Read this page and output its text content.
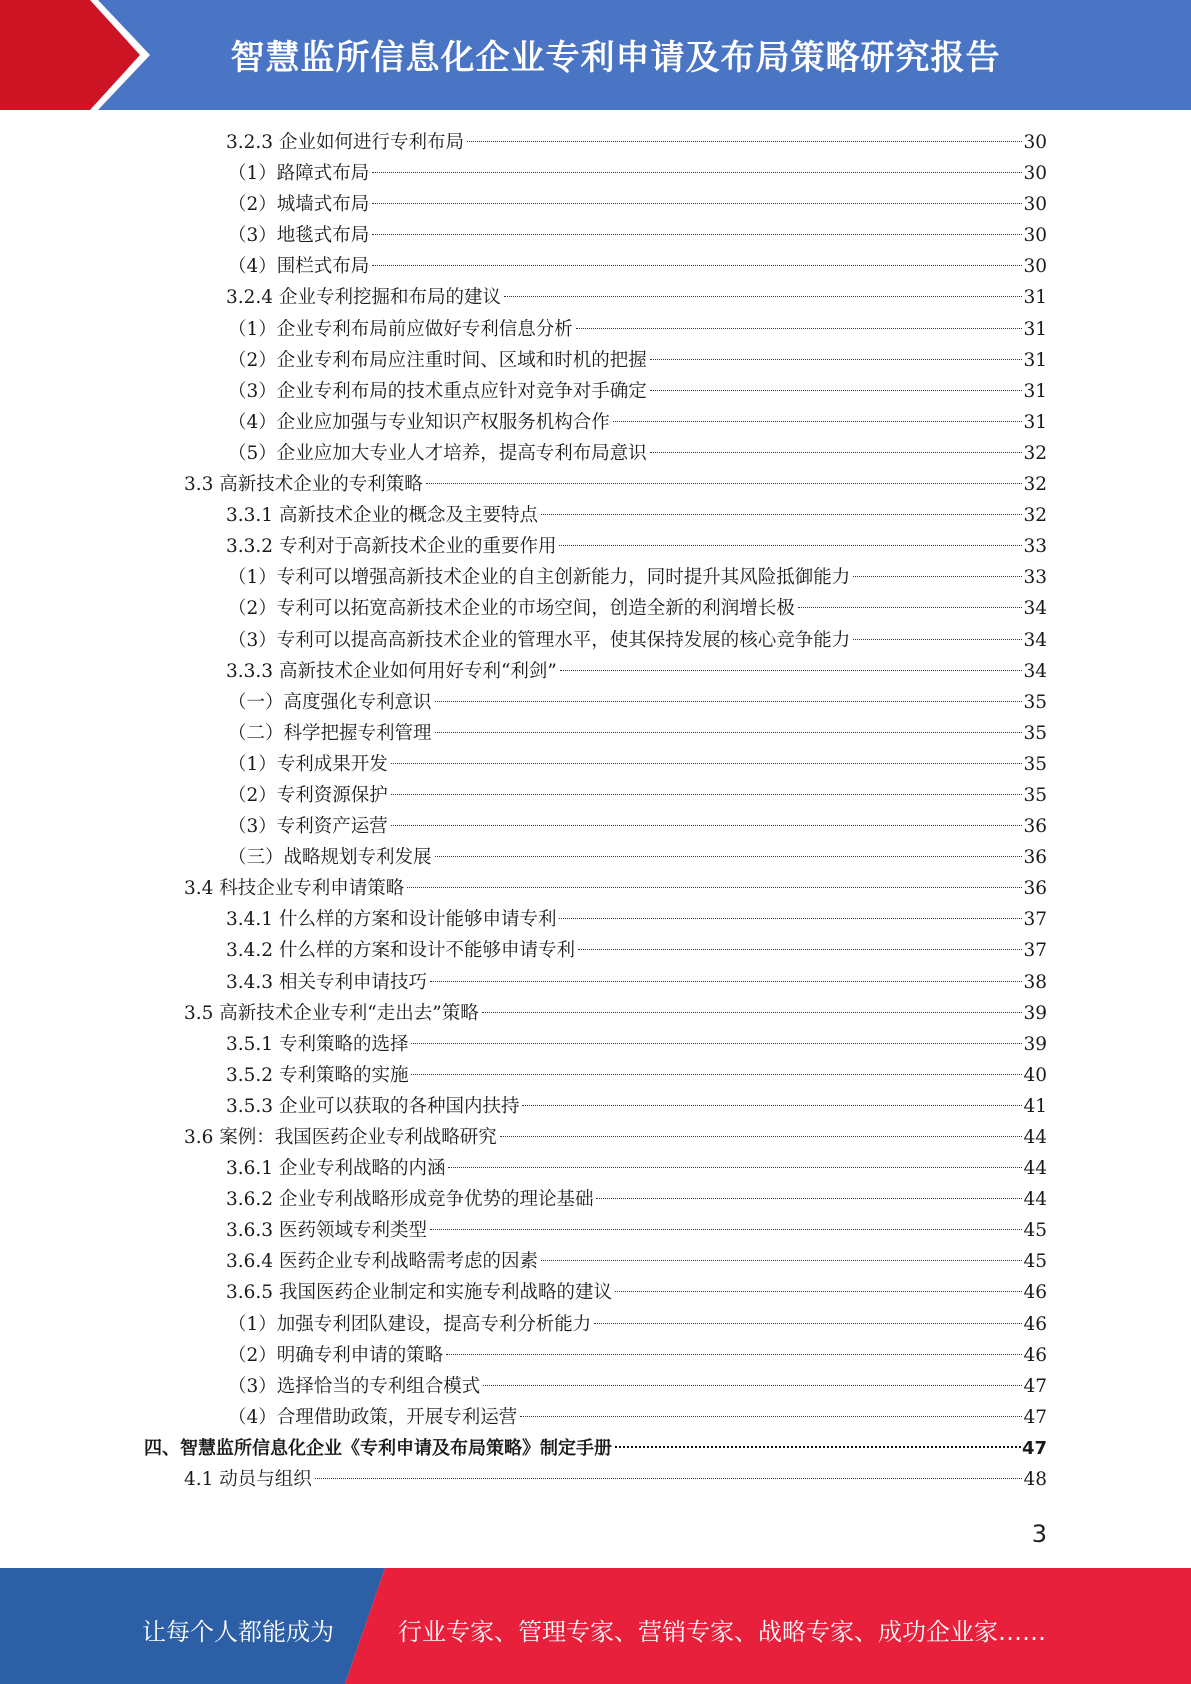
智慧监所信息化企业专利申请及布局策略研究报告
3.2.3 企业如何进行专利布局	30
（1）路障式布局	30
（2）城墙式布局	30
（3）地毯式布局	30
（4）围栏式布局	30
3.2.4 企业专利挖掘和布局的建议	31
（1）企业专利布局前应做好专利信息分析	31
（2）企业专利布局应注重时间、区域和时机的把握	31
（3）企业专利布局的技术重点应针对竞争对手确定	31
（4）企业应加强与专业知识产权服务机构合作	31
（5）企业应加大专业人才培养，提高专利布局意识	32
3.3 高新技术企业的专利策略	32
3.3.1 高新技术企业的概念及主要特点	32
3.3.2 专利对于高新技术企业的重要作用	33
（1）专利可以增强高新技术企业的自主创新能力，同时提升其风险抵御能力	33
（2）专利可以拓宽高新技术企业的市场空间，创造全新的利润增长极	34
（3）专利可以提高高新技术企业的管理水平，使其保持发展的核心竞争能力	34
3.3.3 高新技术企业如何用好专利“利剑”	34
（一）高度强化专利意识	35
（二）科学把握专利管理	35
（1）专利成果开发	35
（2）专利资源保护	35
（3）专利资产运营	36
（三）战略规划专利发展	36
3.4 科技企业专利申请策略	36
3.4.1 什么样的方案和设计能够申请专利	37
3.4.2 什么样的方案和设计不能够申请专利	37
3.4.3 相关专利申请技巧	38
3.5 高新技术企业专利“走出去”策略	39
3.5.1 专利策略的选择	39
3.5.2 专利策略的实施	40
3.5.3 企业可以获取的各种国内扶持	41
3.6 案例：我国医药企业专利战略研究	44
3.6.1 企业专利战略的内涵	44
3.6.2 企业专利战略形成竞争优势的理论基础	44
3.6.3 医药领域专利类型	45
3.6.4 医药企业专利战略需考虑的因素	45
3.6.5 我国医药企业制定和实施专利战略的建议	46
（1）加强专利团队建设，提高专利分析能力	46
（2）明确专利申请的策略	46
（3）选择恰当的专利组合模式	47
（4）合理借助政策，开展专利运营	47
四、智慧监所信息化企业《专利申请及布局策略》制定手册	47
4.1 动员与组织	48
3
让每个人都能成为	行业专家、管理专家、营销专家、战略专家、成功企业家……
